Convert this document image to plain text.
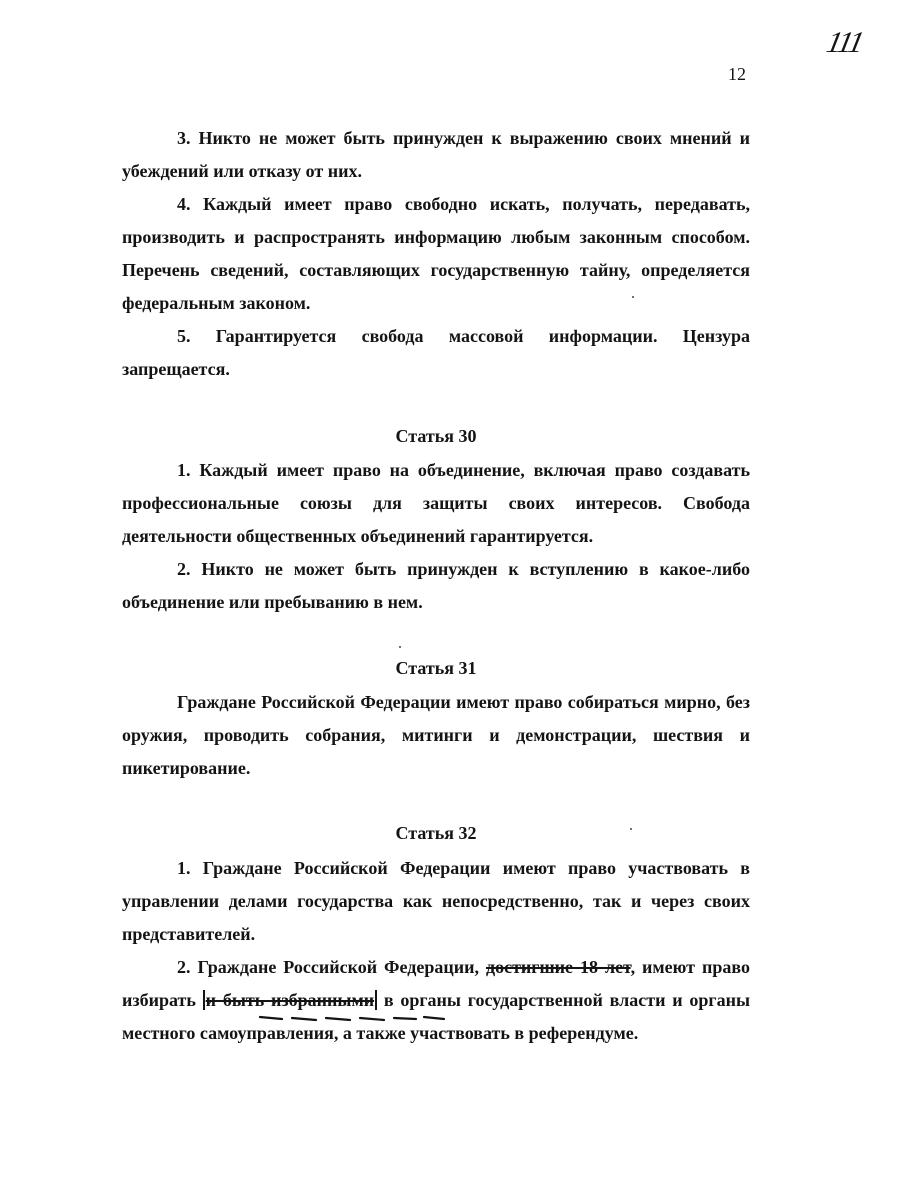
111
12

3. Никто не может быть принужден к выражению своих мнений и убеждений или отказу от них.

4. Каждый имеет право свободно искать, получать, передавать, производить и распространять информацию любым законным способом. Перечень сведений, составляющих государственную тайну, определяется федеральным законом.

5. Гарантируется свобода массовой информации. Цензура запрещается.

Статья 30

1. Каждый имеет право на объединение, включая право создавать профессиональные союзы для защиты своих интересов. Свобода деятельности общественных объединений гарантируется.

2. Никто не может быть принужден к вступлению в какое-либо объединение или пребыванию в нем.

Статья 31

Граждане Российской Федерации имеют право собираться мирно, без оружия, проводить собрания, митинги и демонстрации, шествия и пикетирование.

Статья 32

1. Граждане Российской Федерации имеют право участвовать в управлении делами государства как непосредственно, так и через своих представителей.

2. Граждане Российской Федерации, достигшие 18 лет, имеют право избирать и быть избранными в органы государственной власти и органы местного самоуправления, а также участвовать в референдуме.
